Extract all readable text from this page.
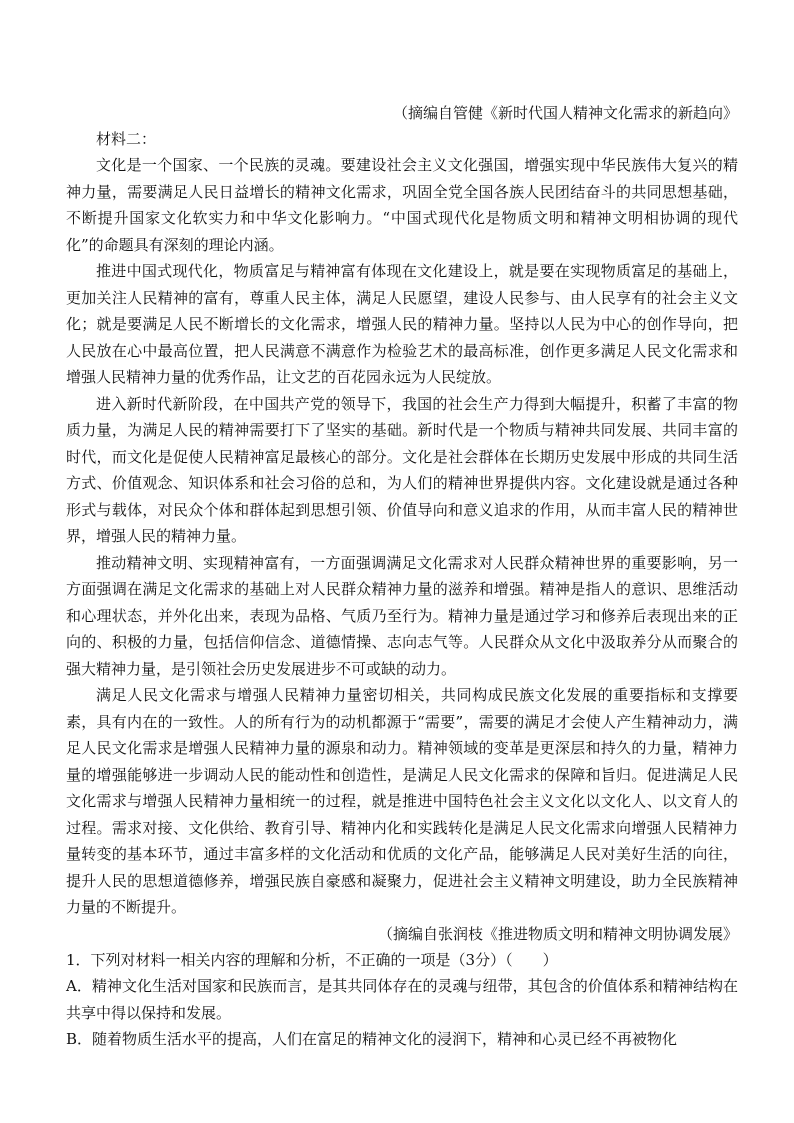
（摘编自管健《新时代国人精神文化需求的新趋向》

材料二：

文化是一个国家、一个民族的灵魂。要建设社会主义文化强国，增强实现中华民族伟大复兴的精神力量，需要满足人民日益增长的精神文化需求，巩固全党全国各族人民团结奋斗的共同思想基础，不断提升国家文化软实力和中华文化影响力。“中国式现代化是物质文明和精神文明相协调的现代化”的命题具有深刻的理论内涵。

推进中国式现代化，物质富足与精神富有体现在文化建设上，就是要在实现物质富足的基础上，更加关注人民精神的富有，尊重人民主体，满足人民愿望，建设人民参与、由人民享有的社会主义文化；就是要满足人民不断增长的文化需求，增强人民的精神力量。坚持以人民为中心的创作导向，把人民放在心中最高位置，把人民满意不满意作为检验艺术的最高标准，创作更多满足人民文化需求和增强人民精神力量的优秀作品，让文艺的百花园永远为人民绽放。

进入新时代新阶段，在中国共产党的领导下，我国的社会生产力得到大幅提升，积蓄了丰富的物质力量，为满足人民的精神需要打下了坚实的基础。新时代是一个物质与精神共同发展、共同丰富的时代，而文化是促使人民精神富足最核心的部分。文化是社会群体在长期历史发展中形成的共同生活方式、价值观念、知识体系和社会习俗的总和，为人们的精神世界提供内容。文化建设就是通过各种形式与载体，对民众个体和群体起到思想引领、价值导向和意义追求的作用，从而丰富人民的精神世界，增强人民的精神力量。

推动精神文明、实现精神富有，一方面强调满足文化需求对人民群众精神世界的重要影响，另一方面强调在满足文化需求的基础上对人民群众精神力量的滋养和增强。精神是指人的意识、思维活动和心理状态，并外化出来，表现为品格、气质乃至行为。精神力量是通过学习和修养后表现出来的正向的、积极的力量，包括信仰信念、道德情操、志向志气等。人民群众从文化中汲取养分从而聚合的强大精神力量，是引领社会历史发展进步不可或缺的动力。

满足人民文化需求与增强人民精神力量密切相关，共同构成民族文化发展的重要指标和支撑要素，具有内在的一致性。人的所有行为的动机都源于“需要”，需要的满足才会使人产生精神动力，满足人民文化需求是增强人民精神力量的源泉和动力。精神领域的变革是更深层和持久的力量，精神力量的增强能够进一步调动人民的能动性和创造性，是满足人民文化需求的保障和旨归。促进满足人民文化需求与增强人民精神力量相统一的过程，就是推进中国特色社会主义文化以文化人、以文育人的过程。需求对接、文化供给、教育引导、精神内化和实践转化是满足人民文化需求向增强人民精神力量转变的基本环节，通过丰富多样的文化活动和优质的文化产品，能够满足人民对美好生活的向往，提升人民的思想道德修养，增强民族自豪感和凝聚力，促进社会主义精神文明建设，助力全民族精神力量的不断提升。

（摘编自张润枝《推进物质文明和精神文明协调发展》

1．下列对材料一相关内容的理解和分析，不正确的一项是（3分）（　　）

A．精神文化生活对国家和民族而言，是其共同体存在的灵魂与纽带，其包含的价值体系和精神结构在共享中得以保持和发展。

B．随着物质生活水平的提高，人们在富足的精神文化的浸润下，精神和心灵已经不再被物化
